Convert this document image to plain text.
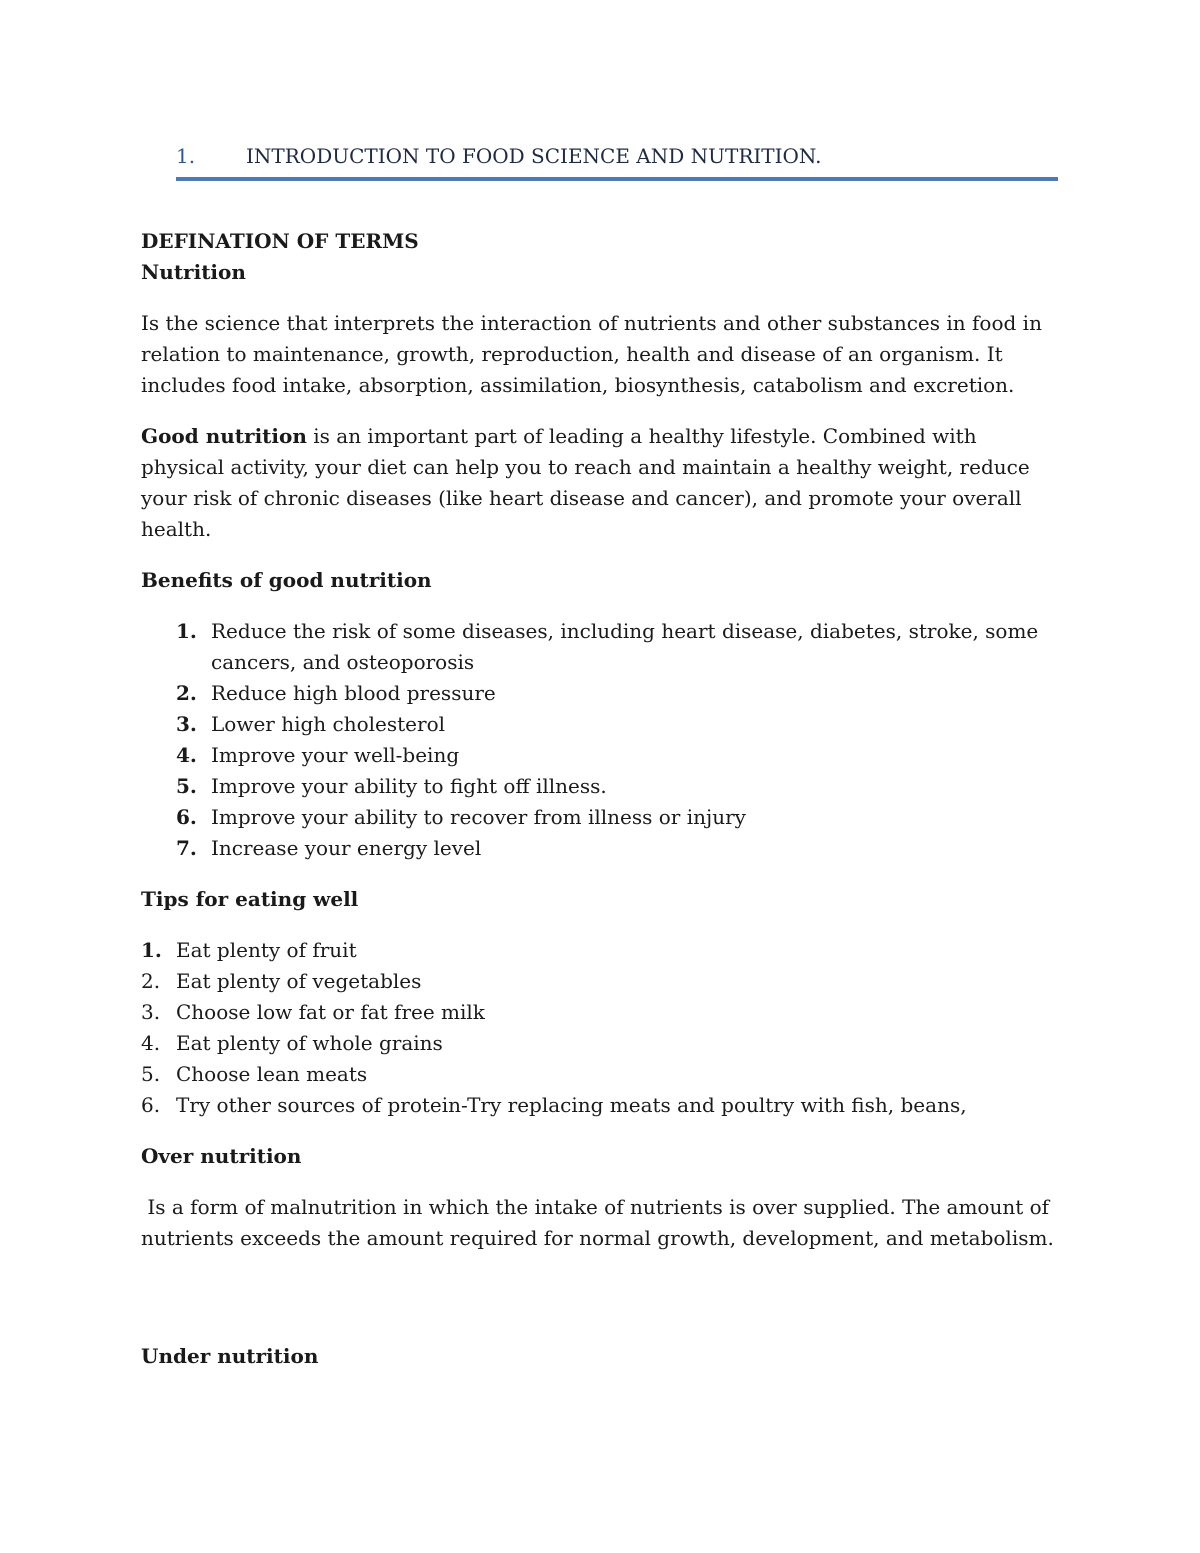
1.	INTRODUCTION TO FOOD SCIENCE AND NUTRITION.

DEFINATION OF TERMS

Nutrition

Is the science that interprets the interaction of nutrients and other substances in food in relation to maintenance, growth, reproduction, health and disease of an organism. It includes food intake, absorption, assimilation, biosynthesis, catabolism and excretion.

Good nutrition is an important part of leading a healthy lifestyle. Combined with physical activity, your diet can help you to reach and maintain a healthy weight, reduce your risk of chronic diseases (like heart disease and cancer), and promote your overall health.

Benefits of good nutrition

1. Reduce the risk of some diseases, including heart disease, diabetes, stroke, some cancers, and osteoporosis
2. Reduce high blood pressure
3. Lower high cholesterol
4. Improve your well-being
5. Improve your ability to fight off illness.
6. Improve your ability to recover from illness or injury
7. Increase your energy level

Tips for eating well

1. Eat plenty of fruit
2. Eat plenty of vegetables
3. Choose low fat or fat free milk
4. Eat plenty of whole grains
5. Choose lean meats
6. Try other sources of protein-Try replacing meats and poultry with fish, beans,

Over nutrition

Is a form of malnutrition in which the intake of nutrients is over supplied. The amount of nutrients exceeds the amount required for normal growth, development, and metabolism.

Under nutrition
